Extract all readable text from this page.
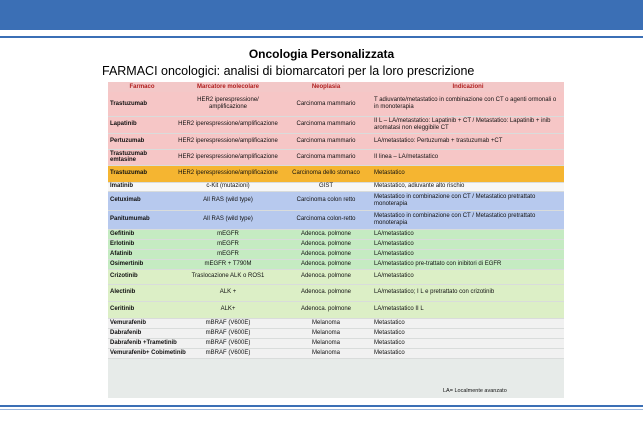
Oncologia Personalizzata
FARMACI oncologici: analisi di biomarcatori per la loro prescrizione
Farmaco	Marcatore molecolare	Neoplasia	Indicazioni
Trastuzumab	HER2 iperespressione/ amplificazione	Carcinoma mammario	T adiuvante/metastatico in combinazione con CT o agenti ormonali o in monoterapia
Lapatinib	HER2 iperespressione/amplificazione	Carcinoma mammario	II L – LA/metastatico: Lapatinib + CT / Metastatico: Lapatinib + inib aromatasi non eleggibile CT
Pertuzumab	HER2 iperespressione/amplificazione	Carcinoma mammario	LA/metastatico: Pertuzumab + trastuzumab +CT
Trastuzumab emtasine	HER2 iperespressione/amplificazione	Carcinoma mammario	II linea – LA/metastatico
Trastuzumab	HER2 iperespressione/amplificazione	Carcinoma dello stomaco	Metastatico
Imatinib	c-Kit (mutazioni)	GIST	Metastatico, adiuvante alto rischio
Cetuximab	All RAS (wild type)	Carcinoma colon retto	Metastatico in combinazione con CT / Metastatico pretrattato monoterapia
Panitumumab	All RAS (wild type)	Carcinoma colon-retto	Metastatico in combinazione con CT / Metastatico pretrattato monoterapia
Gefitinib	mEGFR	Adenoca. polmone	LA/metastatico
Erlotinib	mEGFR	Adenoca. polmone	LA/metastatico
Afatinib	mEGFR	Adenoca. polmone	LA/metastatico
Osimertinib	mEGFR + T790M	Adenoca. polmone	LA/metastatico pre-trattato con inibitori di EGFR
Crizotinib	Traslocazione ALK o ROS1	Adenoca. polmone	LA/metastatico
Alectinib	ALK +	Adenoca. polmone	LA/metastatico; I L e pretrattato con crizotinib
Ceritinib	ALK+	Adenoca. polmone	LA/metastatico II L
Vemurafenib	mBRAF (V600E)	Melanoma	Metastatico
Dabrafenib	mBRAF (V600E)	Melanoma	Metastatico
Dabrafenib +Trametinib	mBRAF (V600E)	Melanoma	Metastatico
Vemurafenib+ Cobimetinib	mBRAF (V600E)	Melanoma	Metastatico
LA= Localmente avanzato
